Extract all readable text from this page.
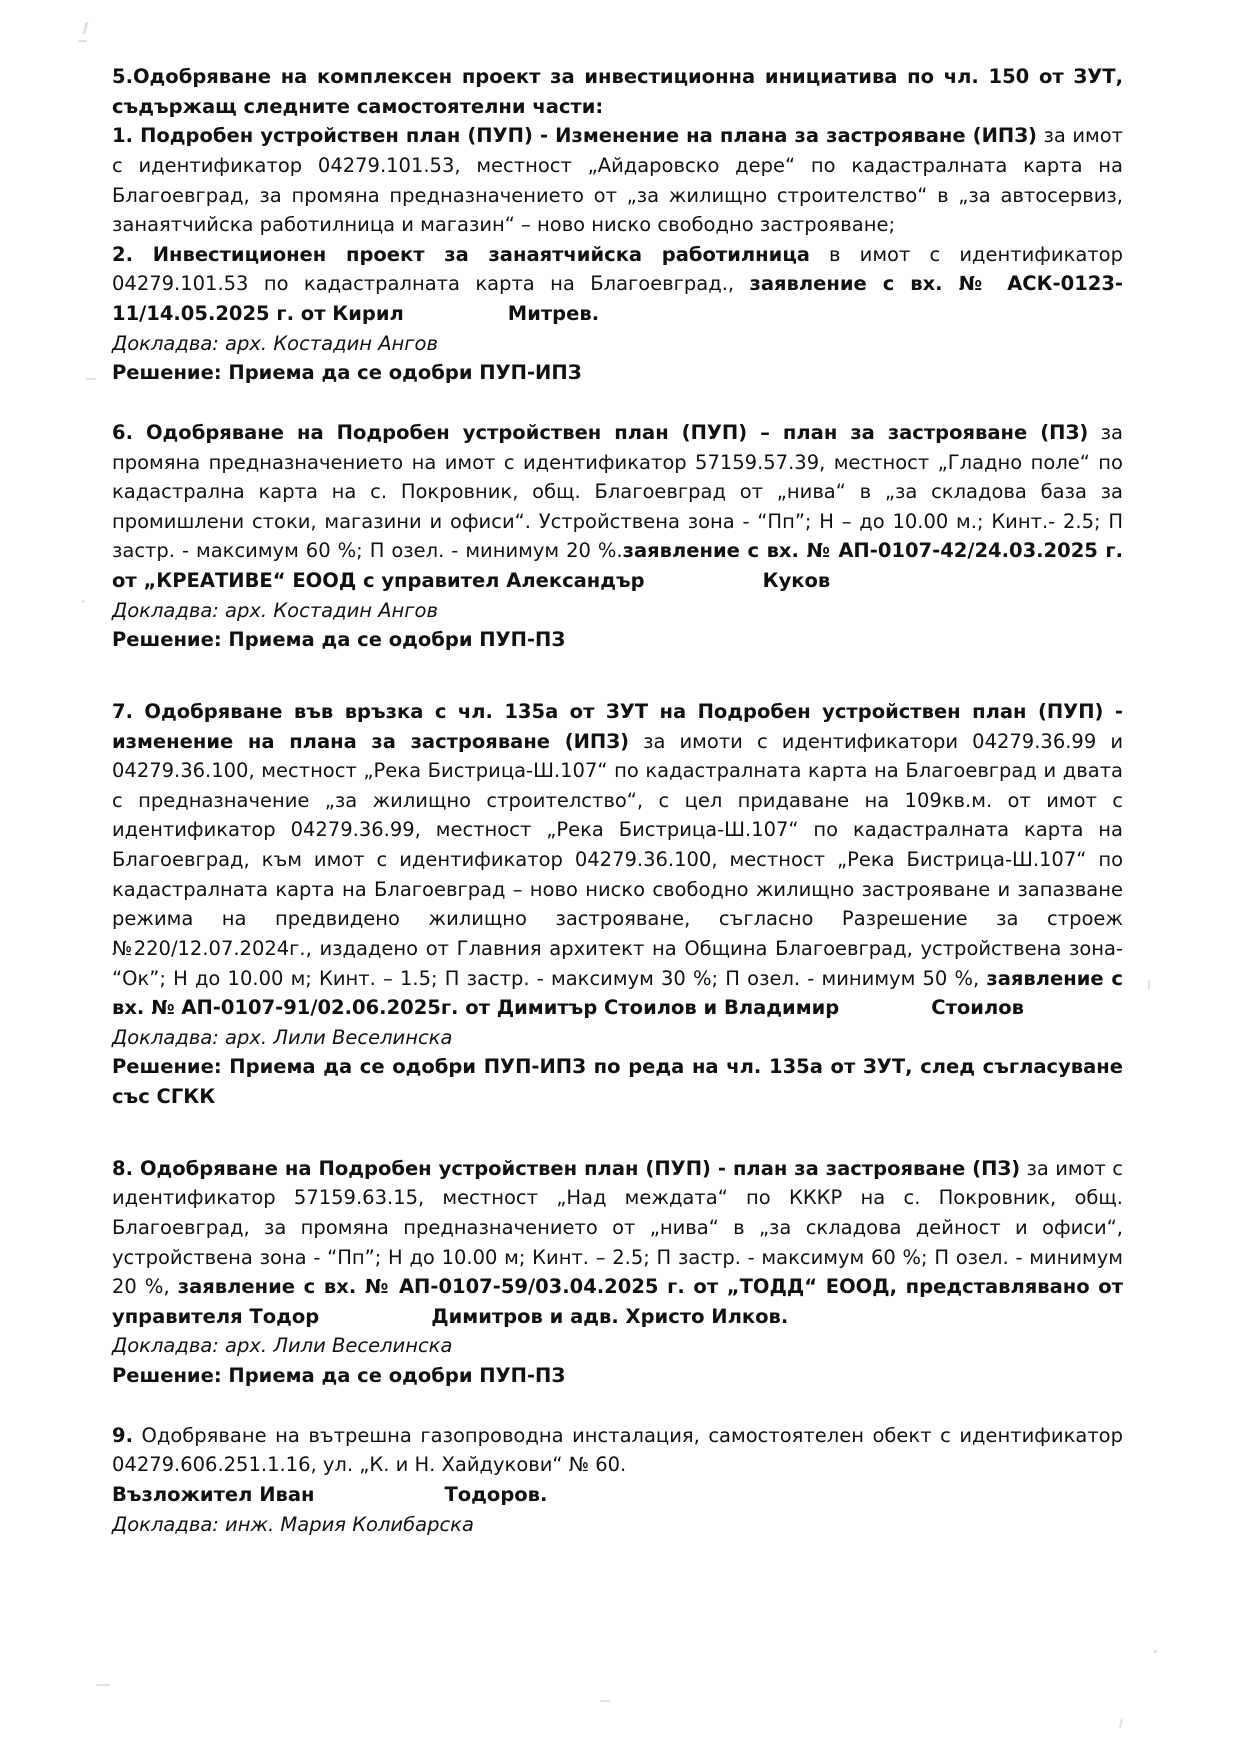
5.Одобряване на комплексен проект за инвестиционна инициатива по чл. 150 от ЗУТ, съдържащ следните самостоятелни части:

1. Подробен устройствен план (ПУП) - Изменение на плана за застрояване (ИПЗ) за имот с идентификатор 04279.101.53, местност „Айдаровско дере“ по кадастралната карта на Благоевград, за промяна предназначението от „за жилищно строителство“ в „за автосервиз, занаятчийска работилница и магазин“ – ново ниско свободно застрояване;

2. Инвестиционен проект за занаятчийска работилница в имот с идентификатор 04279.101.53 по кадастралната карта на Благоевград., заявление с вх. № АСК-0123-11/14.05.2025 г. от Кирил	Митрев.

Докладва: арх. Костадин Ангов

Решение: Приема да се одобри ПУП-ИПЗ

6. Одобряване на Подробен устройствен план (ПУП) – план за застрояване (ПЗ) за промяна предназначението на имот с идентификатор 57159.57.39, местност „Гладно поле“ по кадастрална карта на с. Покровник, общ. Благоевград от „нива“ в „за складова база за промишлени стоки, магазини и офиси“. Устройствена зона - “Пп”; Н – до 10.00 м.; Кинт.- 2.5; П застр. - максимум 60 %; П озел. - минимум 20 %.заявление с вх. № АП-0107-42/24.03.2025 г. от „КРЕАТИВЕ“ ЕООД с управител Александър	Куков

Докладва: арх. Костадин Ангов

Решение: Приема да се одобри ПУП-ПЗ

7. Одобряване във връзка с чл. 135а от ЗУТ на Подробен устройствен план (ПУП) - изменение на плана за застрояване (ИПЗ) за имоти с идентификатори 04279.36.99 и 04279.36.100, местност „Река Бистрица-Ш.107“ по кадастралната карта на Благоевград и двата с предназначение „за жилищно строителство“, с цел придаване на 109кв.м. от имот с идентификатор 04279.36.99, местност „Река Бистрица-Ш.107“ по кадастралната карта на Благоевград, към имот с идентификатор 04279.36.100, местност „Река Бистрица-Ш.107“ по кадастралната карта на Благоевград – ново ниско свободно жилищно застрояване и запазване режима на предвидено жилищно застрояване, съгласно Разрешение за строеж №220/12.07.2024г., издадено от Главния архитект на Община Благоевград, устройствена зона- “Ок”; Н до 10.00 м; Кинт. – 1.5; П застр. - максимум 30 %; П озел. - минимум 50 %, заявление с вх. № АП-0107-91/02.06.2025г. от Димитър Стоилов и Владимир	Стоилов

Докладва: арх. Лили Веселинска

Решение: Приема да се одобри ПУП-ИПЗ по реда на чл. 135а от ЗУТ, след съгласуване със СГКК

8. Одобряване на Подробен устройствен план (ПУП) - план за застрояване (ПЗ) за имот с идентификатор 57159.63.15, местност „Над междата“ по КККР на с. Покровник, общ. Благоевград, за промяна предназначението от „нива“ в „за складова дейност и офиси“, устройствена зона - “Пп”; Н до 10.00 м; Кинт. – 2.5; П застр. - максимум 60 %; П озел. - минимум 20 %, заявление с вх. № АП-0107-59/03.04.2025 г. от „ТОДД“ ЕООД, представлявано от управителя Тодор	Димитров и адв. Христо Илков.

Докладва: арх. Лили Веселинска

Решение: Приема да се одобри ПУП-ПЗ

9. Одобряване на вътрешна газопроводна инсталация, самостоятелен обект с идентификатор 04279.606.251.1.16, ул. „К. и Н. Хайдукови“ № 60.

Възложител Иван	Тодоров.

Докладва: инж. Мария Колибарска
